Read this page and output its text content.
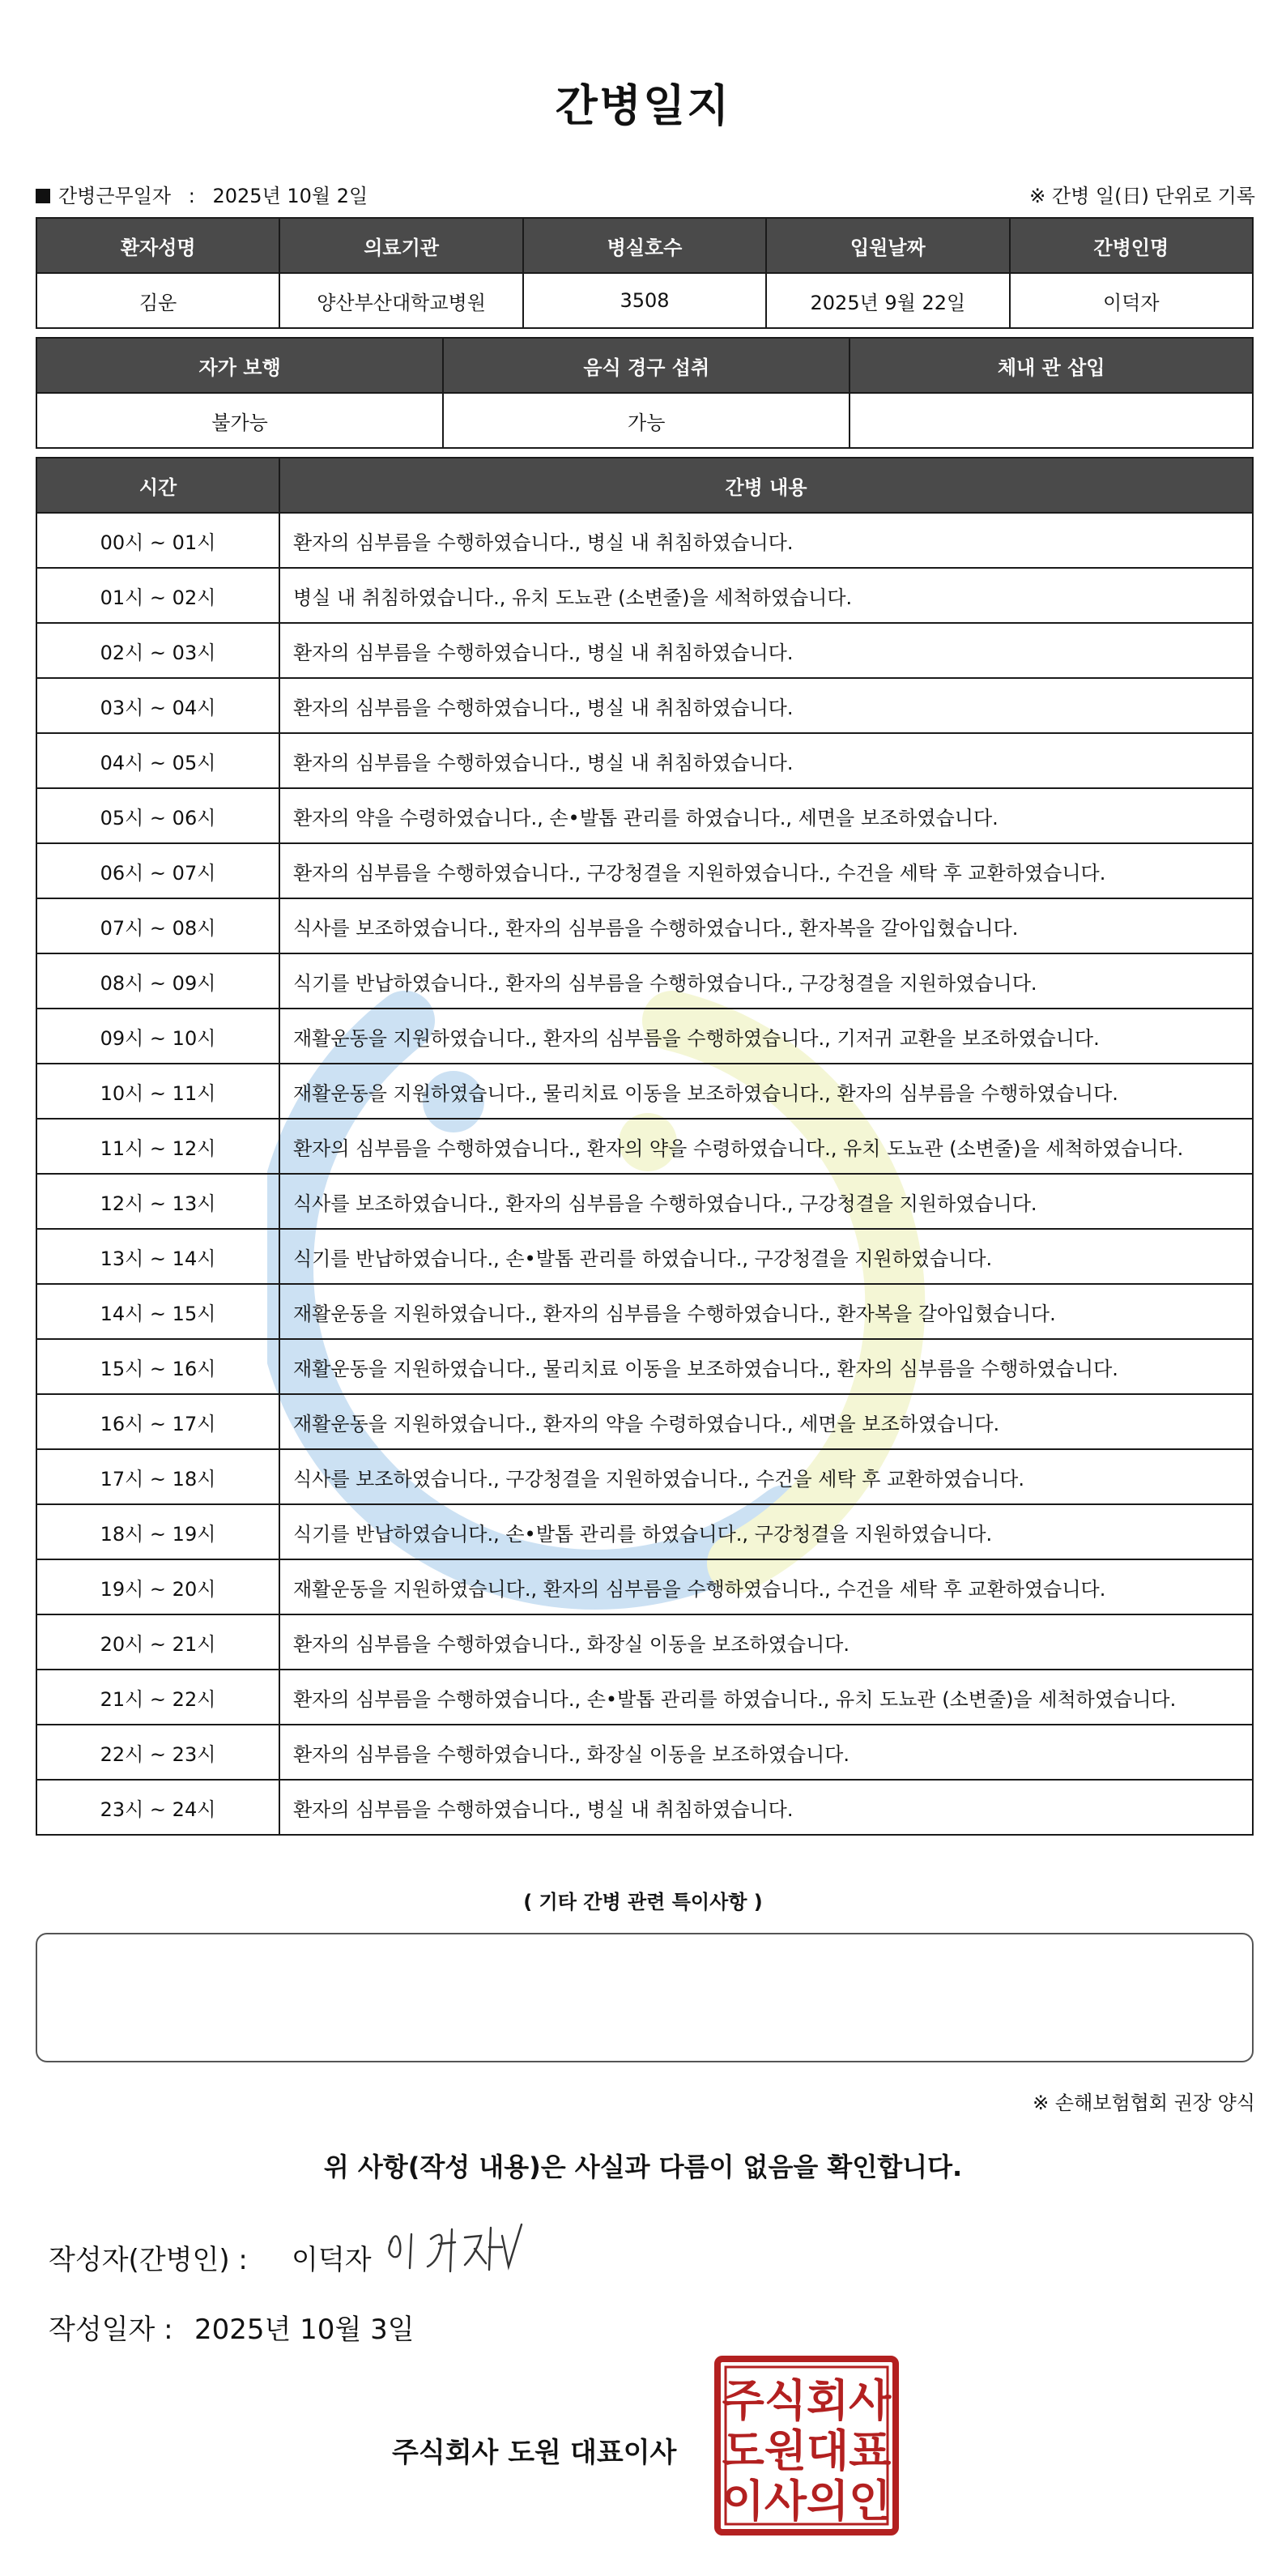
간병일지
간병근무일자 : 2025년 10월 2일	※ 간병 일(日) 단위로 기록
환자성명	의료기관	병실호수	입원날짜	간병인명
김운	양산부산대학교병원	3508	2025년 9월 22일	이덕자
자가 보행	음식 경구 섭취	체내 관 삽입
불가능	가능	
시간	간병 내용
00시 ~ 01시	환자의 심부름을 수행하였습니다., 병실 내 취침하였습니다.
01시 ~ 02시	병실 내 취침하였습니다., 유치 도뇨관 (소변줄)을 세척하였습니다.
02시 ~ 03시	환자의 심부름을 수행하였습니다., 병실 내 취침하였습니다.
03시 ~ 04시	환자의 심부름을 수행하였습니다., 병실 내 취침하였습니다.
04시 ~ 05시	환자의 심부름을 수행하였습니다., 병실 내 취침하였습니다.
05시 ~ 06시	환자의 약을 수령하였습니다., 손•발톱 관리를 하였습니다., 세면을 보조하였습니다.
06시 ~ 07시	환자의 심부름을 수행하였습니다., 구강청결을 지원하였습니다., 수건을 세탁 후 교환하였습니다.
07시 ~ 08시	식사를 보조하였습니다., 환자의 심부름을 수행하였습니다., 환자복을 갈아입혔습니다.
08시 ~ 09시	식기를 반납하였습니다., 환자의 심부름을 수행하였습니다., 구강청결을 지원하였습니다.
09시 ~ 10시	재활운동을 지원하였습니다., 환자의 심부름을 수행하였습니다., 기저귀 교환을 보조하였습니다.
10시 ~ 11시	재활운동을 지원하였습니다., 물리치료 이동을 보조하였습니다., 환자의 심부름을 수행하였습니다.
11시 ~ 12시	환자의 심부름을 수행하였습니다., 환자의 약을 수령하였습니다., 유치 도뇨관 (소변줄)을 세척하였습니다.
12시 ~ 13시	식사를 보조하였습니다., 환자의 심부름을 수행하였습니다., 구강청결을 지원하였습니다.
13시 ~ 14시	식기를 반납하였습니다., 손•발톱 관리를 하였습니다., 구강청결을 지원하였습니다.
14시 ~ 15시	재활운동을 지원하였습니다., 환자의 심부름을 수행하였습니다., 환자복을 갈아입혔습니다.
15시 ~ 16시	재활운동을 지원하였습니다., 물리치료 이동을 보조하였습니다., 환자의 심부름을 수행하였습니다.
16시 ~ 17시	재활운동을 지원하였습니다., 환자의 약을 수령하였습니다., 세면을 보조하였습니다.
17시 ~ 18시	식사를 보조하였습니다., 구강청결을 지원하였습니다., 수건을 세탁 후 교환하였습니다.
18시 ~ 19시	식기를 반납하였습니다., 손•발톱 관리를 하였습니다., 구강청결을 지원하였습니다.
19시 ~ 20시	재활운동을 지원하였습니다., 환자의 심부름을 수행하였습니다., 수건을 세탁 후 교환하였습니다.
20시 ~ 21시	환자의 심부름을 수행하였습니다., 화장실 이동을 보조하였습니다.
21시 ~ 22시	환자의 심부름을 수행하였습니다., 손•발톱 관리를 하였습니다., 유치 도뇨관 (소변줄)을 세척하였습니다.
22시 ~ 23시	환자의 심부름을 수행하였습니다., 화장실 이동을 보조하였습니다.
23시 ~ 24시	환자의 심부름을 수행하였습니다., 병실 내 취침하였습니다.
( 기타 간병 관련 특이사항 )
※ 손해보험협회 권장 양식
위 사항(작성 내용)은 사실과 다름이 없음을 확인합니다.
작성자(간병인) : 이덕자
작성일자 : 2025년 10월 3일
주식회사 도원 대표이사
주식회사
도원대표
이사의인
